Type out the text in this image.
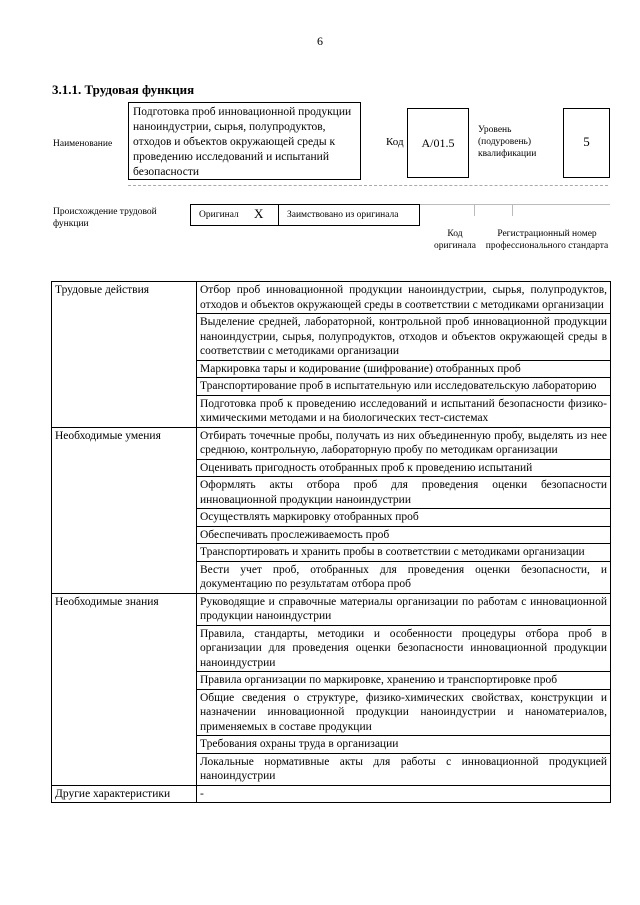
6
3.1.1. Трудовая функция
Наименование
Подготовка проб инновационной продукции наноиндустрии, сырья, полупродуктов, отходов и объектов окружающей среды к проведению исследований и испытаний безопасности
Код	A/01.5
Уровень (подуровень) квалификации
5
Происхождение трудовой функции
Оригинал X Заимствовано из оригинала
Код оригинала
Регистрационный номер профессионального стандарта
Трудовые действия	Отбор проб инновационной продукции наноиндустрии, сырья, полупродуктов, отходов и объектов окружающей среды в соответствии с методиками организации
	Выделение средней, лабораторной, контрольной проб инновационной продукции наноиндустрии, сырья, полупродуктов, отходов и объектов окружающей среды в соответствии с методиками организации
	Маркировка тары и кодирование (шифрование) отобранных проб
	Транспортирование проб в испытательную или исследовательскую лабораторию
	Подготовка проб к проведению исследований и испытаний безопасности физико-химическими методами и на биологических тест-системах
Необходимые умения	Отбирать точечные пробы, получать из них объединенную пробу, выделять из нее среднюю, контрольную, лабораторную пробу по методикам организации
	Оценивать пригодность отобранных проб к проведению испытаний
	Оформлять акты отбора проб для проведения оценки безопасности инновационной продукции наноиндустрии
	Осуществлять маркировку отобранных проб
	Обеспечивать прослеживаемость проб
	Транспортировать и хранить пробы в соответствии с методиками организации
	Вести учет проб, отобранных для проведения оценки безопасности, и документацию по результатам отбора проб
Необходимые знания	Руководящие и справочные материалы организации по работам с инновационной продукции наноиндустрии
	Правила, стандарты, методики и особенности процедуры отбора проб в организации для проведения оценки безопасности инновационной продукции наноиндустрии
	Правила организации по маркировке, хранению и транспортировке проб
	Общие сведения о структуре, физико-химических свойствах, конструкции и назначении инновационной продукции наноиндустрии и наноматериалов, применяемых в составе продукции
	Требования охраны труда в организации
	Локальные нормативные акты для работы с инновационной продукцией наноиндустрии
Другие характеристики	-
